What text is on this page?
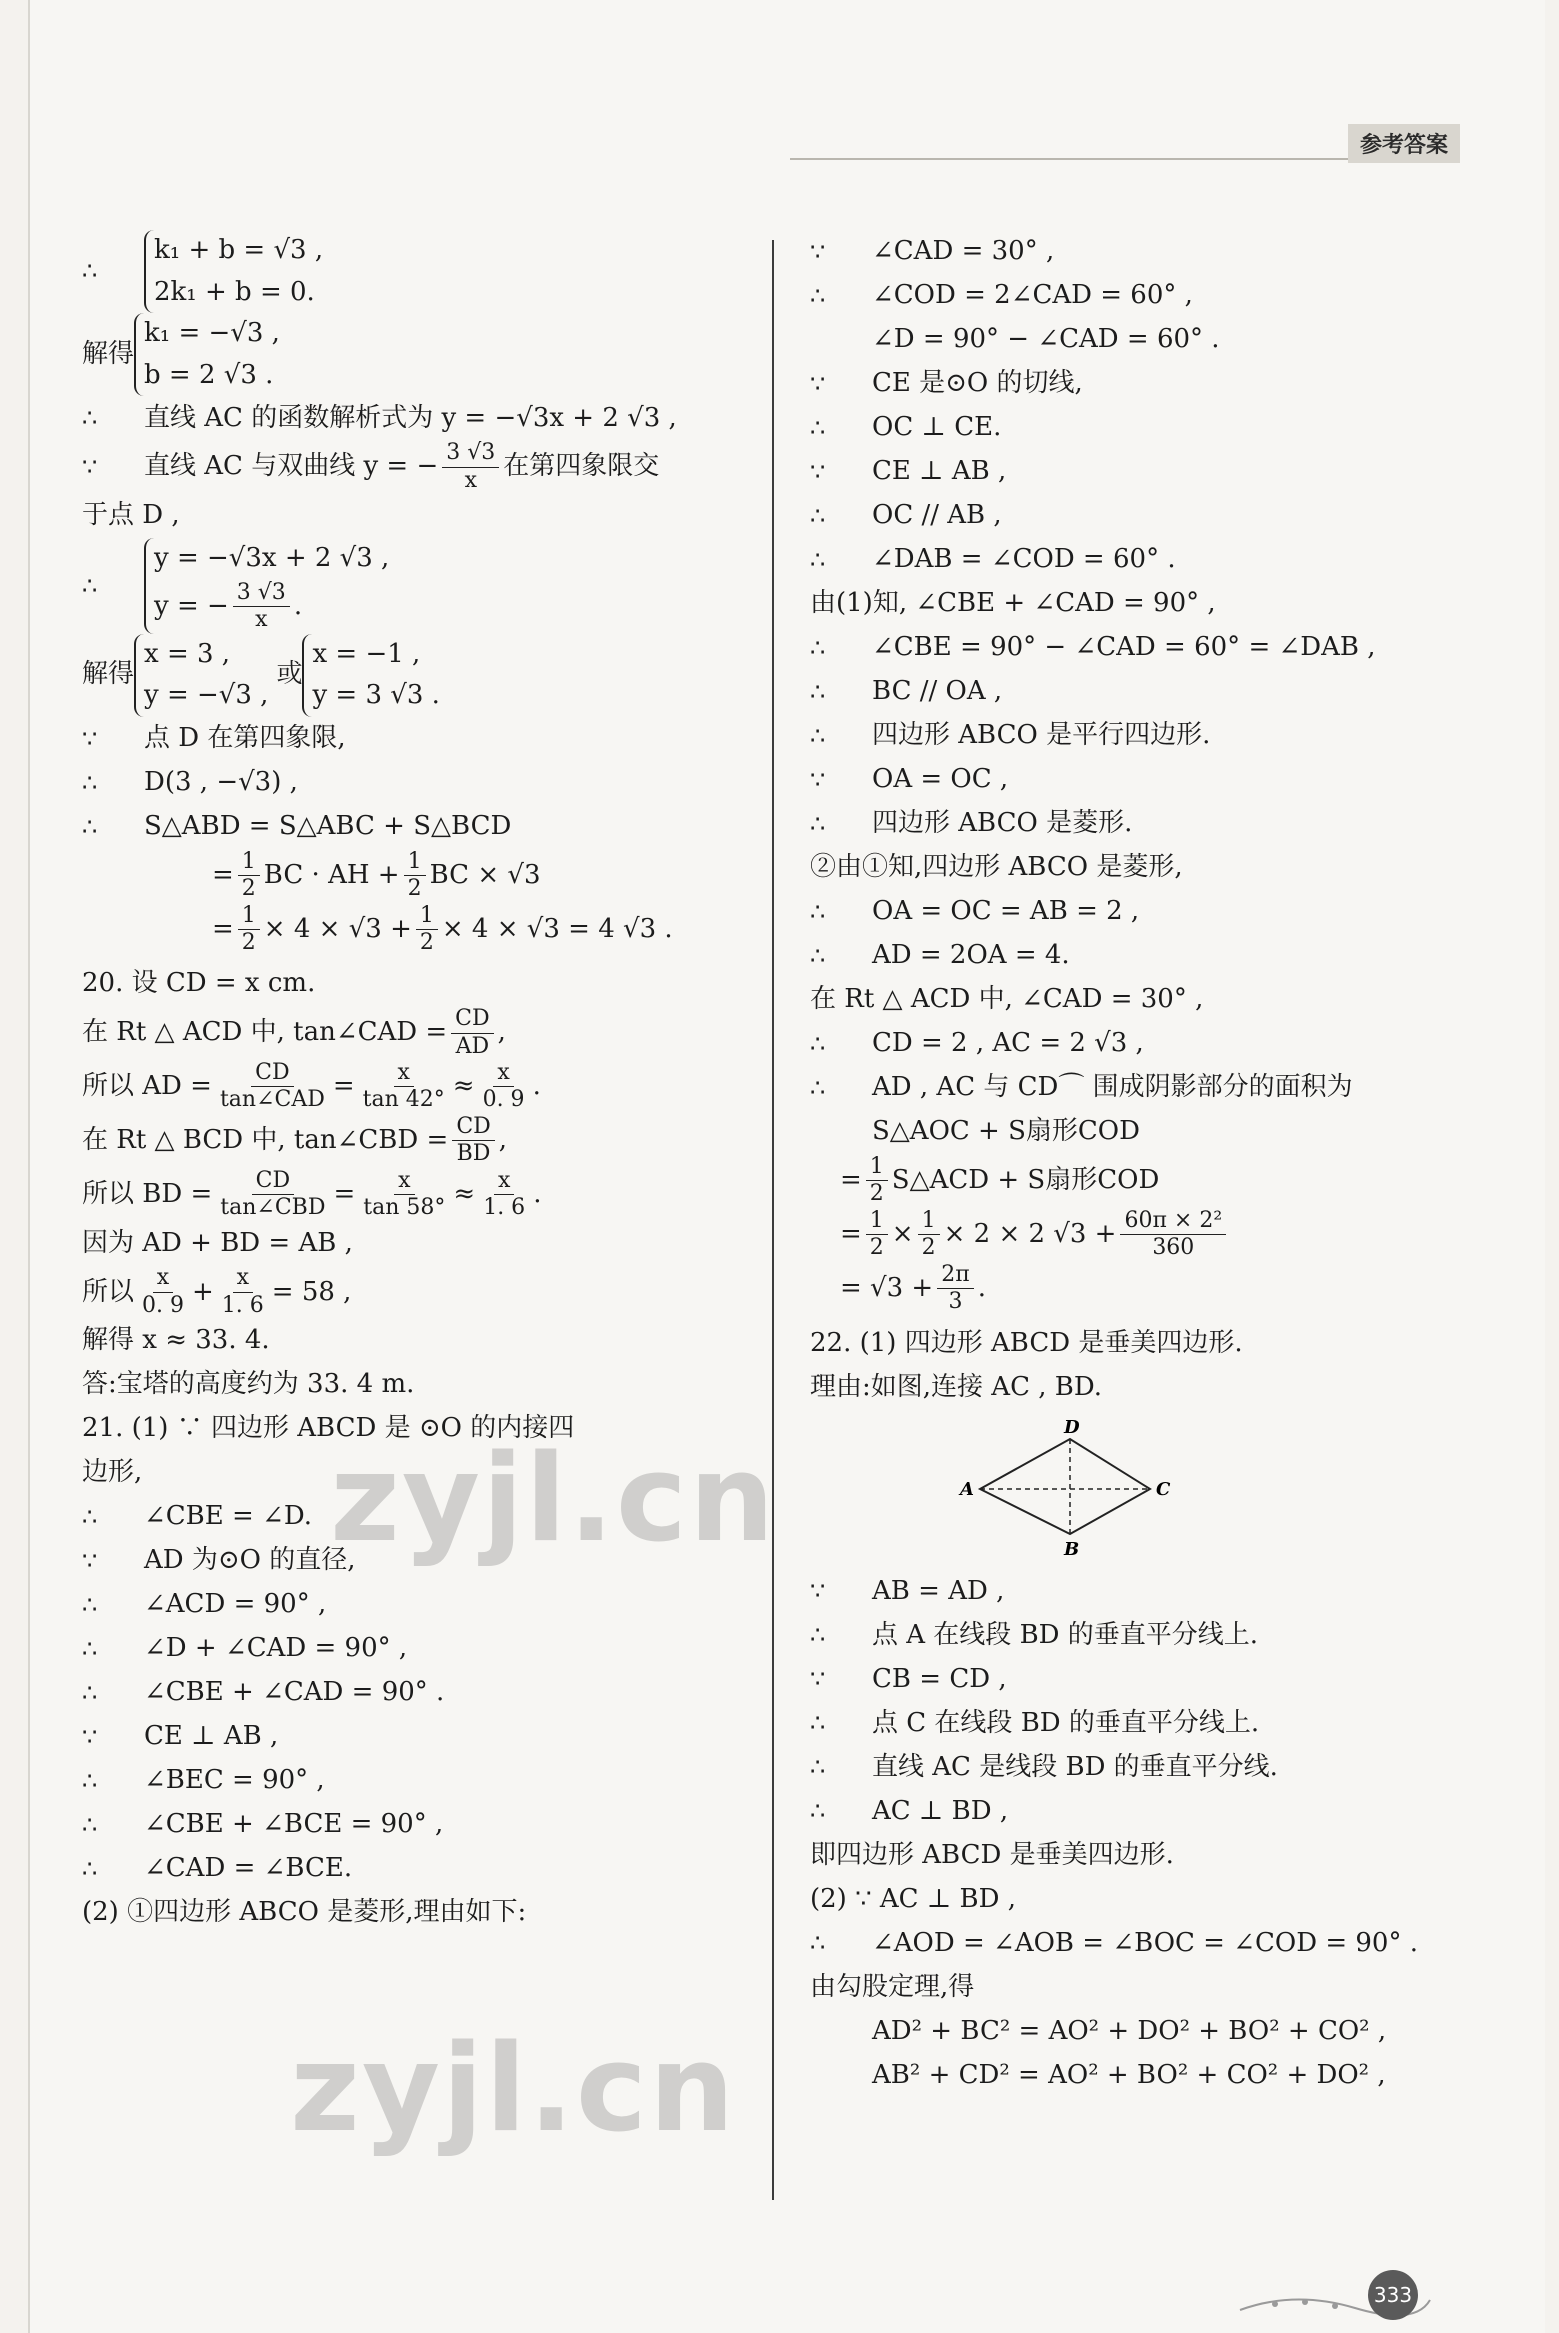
参考答案
∴
k₁ + b = √3 ,
2k₁ + b = 0.
解得
k₁ = −√3 ,
b = 2 √3 .
∴	直线 AC 的函数解析式为 y = −√3x + 2 √3 ,
∵	直线 AC 与双曲线 y = − $\frac{3 √3}{x}$ 在第四象限交
于点 D ,
∴
y = −√3x + 2 √3 ,
y = − $\frac{3 √3}{x}$ .
解得
x = 3 ,
y = −√3 ,
或
x = −1 ,
y = 3 √3 .
∵	点 D 在第四象限,
∴	D(3 , −√3) ,
∴	S△ABD = S△ABC + S△BCD
= $\frac{1}{2}$ BC · AH + $\frac{1}{2}$ BC × √3
= $\frac{1}{2} \times 4 \times √3 + \frac{1}{2} \times 4 \times √3 = 4$ √3 .
20. 设 CD = x cm.
在 Rt △ ACD 中, tan∠CAD = $\frac{CD}{AD}$ ,
所以 AD = $\frac{CD}{\text{tan∠CAD}} = \frac{x}{\tan 42^\circ} \approx \frac{x}{0. 9}$ .
在 Rt △ BCD 中, tan∠CBD = $\frac{CD}{BD}$ ,
所以 BD = $\frac{CD}{\text{tan∠CBD}} = \frac{x}{\tan 58^\circ} \approx \frac{x}{1. 6}$ .
因为 AD + BD = AB ,
所以 $\frac{x}{0. 9} + \frac{x}{1. 6} = 58$ ,
解得 x ≈ 33. 4.
答:宝塔的高度约为 33. 4 m.
21. (1) ∵ 四边形 ABCD 是 ⊙O 的内接四
边形,
∴	∠CBE = ∠D.
∵	AD 为⊙O 的直径,
∴	∠ACD = 90° ,
∴	∠D + ∠CAD = 90° ,
∴	∠CBE + ∠CAD = 90° .
∵	CE ⊥ AB ,
∴	∠BEC = 90° ,
∴	∠CBE + ∠BCE = 90° ,
∴	∠CAD = ∠BCE.
(2) ①四边形 ABCO 是菱形,理由如下:
∵	∠CAD = 30° ,
∴	∠COD = 2∠CAD = 60° ,
∠D = 90° − ∠CAD = 60° .
∵	CE 是⊙O 的切线,
∴	OC ⊥ CE.
∵	CE ⊥ AB ,
∴	OC // AB ,
∴	∠DAB = ∠COD = 60° .
由(1)知, ∠CBE + ∠CAD = 90° ,
∴	∠CBE = 90° − ∠CAD = 60° = ∠DAB ,
∴	BC // OA ,
∴	四边形 ABCO 是平行四边形.
∵	OA = OC ,
∴	四边形 ABCO 是菱形.
②由①知,四边形 ABCO 是菱形,
∴	OA = OC = AB = 2 ,
∴	AD = 2OA = 4.
在 Rt △ ACD 中, ∠CAD = 30° ,
∴	CD = 2 , AC = 2 √3 ,
∴	AD , AC 与 CD⌒ 围成阴影部分的面积为
S△AOC + S扇形COD
= $\frac{1}{2}$ S△ACD + S扇形COD
= $\frac{1}{2} \times \frac{1}{2} \times 2 \times 2$ $√3 + \frac{\text{60π × 2²}}{360}$
= $√3 + \frac{2\pi}{3}$ .
22. (1) 四边形 ABCD 是垂美四边形.
理由:如图,连接 AC , BD.
D
A	C
B
∵	AB = AD ,
∴	点 A 在线段 BD 的垂直平分线上.
∵	CB = CD ,
∴	点 C 在线段 BD 的垂直平分线上.
∴	直线 AC 是线段 BD 的垂直平分线.
∴	AC ⊥ BD ,
即四边形 ABCD 是垂美四边形.
(2) ∵ AC ⊥ BD ,
∴	∠AOD = ∠AOB = ∠BOC = ∠COD = 90° .
由勾股定理,得
AD² + BC² = AO² + DO² + BO² + CO² ,
AB² + CD² = AO² + BO² + CO² + DO² ,
zyjl.cn
zyjl.cn
333
